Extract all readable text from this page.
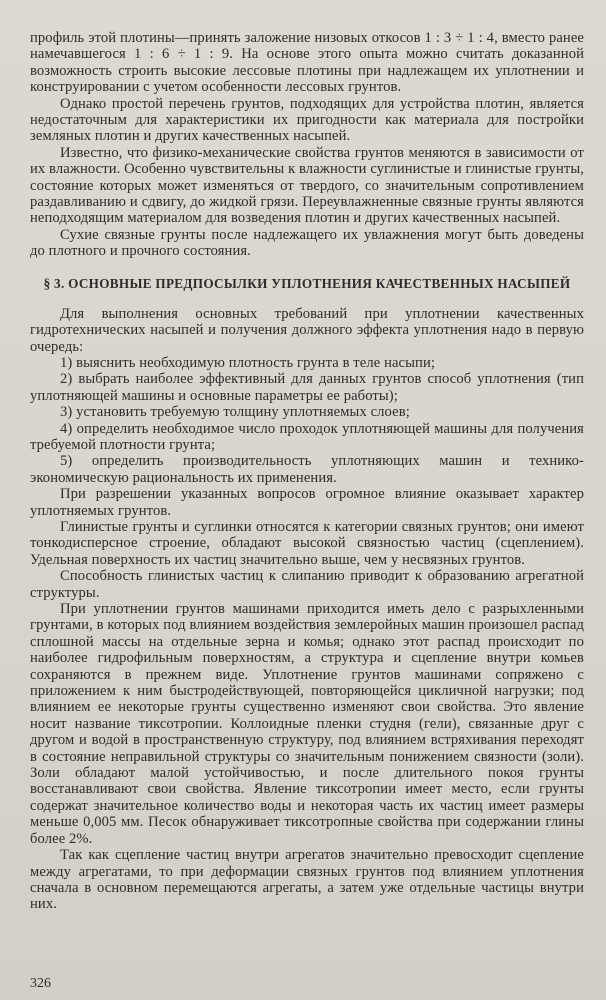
профиль этой плотины—принять заложение низовых откосов 1 : 3 ÷ 1 : 4, вместо ранее намечавшегося 1 : 6 ÷ 1 : 9. На основе этого опыта можно считать доказанной возможность строить высокие лессовые плотины при надлежащем их уплотнении и конструировании с учетом особенности лессовых грунтов.

Однако простой перечень грунтов, подходящих для устройства плотин, является недостаточным для характеристики их пригодности как материала для постройки земляных плотин и других качественных насыпей.

Известно, что физико-механические свойства грунтов меняются в зависимости от их влажности. Особенно чувствительны к влажности суглинистые и глинистые грунты, состояние которых может изменяться от твердого, со значительным сопротивлением раздавливанию и сдвигу, до жидкой грязи. Переувлажненные связные грунты являются неподходящим материалом для возведения плотин и других качественных насыпей.

Сухие связные грунты после надлежащего их увлажнения могут быть доведены до плотного и прочного состояния.

§ 3. ОСНОВНЫЕ ПРЕДПОСЫЛКИ УПЛОТНЕНИЯ КАЧЕСТВЕННЫХ НАСЫПЕЙ

Для выполнения основных требований при уплотнении качественных гидротехнических насыпей и получения должного эффекта уплотнения надо в первую очередь:

1) выяснить необходимую плотность грунта в теле насыпи;

2) выбрать наиболее эффективный для данных грунтов способ уплотнения (тип уплотняющей машины и основные параметры ее работы);

3) установить требуемую толщину уплотняемых слоев;

4) определить необходимое число проходок уплотняющей машины для получения требуемой плотности грунта;

5) определить производительность уплотняющих машин и технико-экономическую рациональность их применения.

При разрешении указанных вопросов огромное влияние оказывает характер уплотняемых грунтов.

Глинистые грунты и суглинки относятся к категории связных грунтов; они имеют тонкодисперсное строение, обладают высокой связностью частиц (сцеплением). Удельная поверхность их частиц значительно выше, чем у несвязных грунтов.

Способность глинистых частиц к слипанию приводит к образованию агрегатной структуры.

При уплотнении грунтов машинами приходится иметь дело с разрыхленными грунтами, в которых под влиянием воздействия землеройных машин произошел распад сплошной массы на отдельные зерна и комья; однако этот распад происходит по наиболее гидрофильным поверхностям, а структура и сцепление внутри комьев сохраняются в прежнем виде. Уплотнение грунтов машинами сопряжено с приложением к ним быстродействующей, повторяющейся цикличной нагрузки; под влиянием ее некоторые грунты существенно изменяют свои свойства. Это явление носит название тиксотропии. Коллоидные пленки студня (гели), связанные друг с другом и водой в пространственную структуру, под влиянием встряхивания переходят в состояние неправильной структуры со значительным понижением связности (золи). Золи обладают малой устойчивостью, и после длительного покоя грунты восстанавливают свои свойства. Явление тиксотропии имеет место, если грунты содержат значительное количество воды и некоторая часть их частиц имеет размеры меньше 0,005 мм. Песок обнаруживает тиксотропные свойства при содержании глины более 2%.

Так как сцепление частиц внутри агрегатов значительно превосходит сцепление между агрегатами, то при деформации связных грунтов под влиянием уплотнения сначала в основном перемещаются агрегаты, а затем уже отдельные частицы внутри них.

326
